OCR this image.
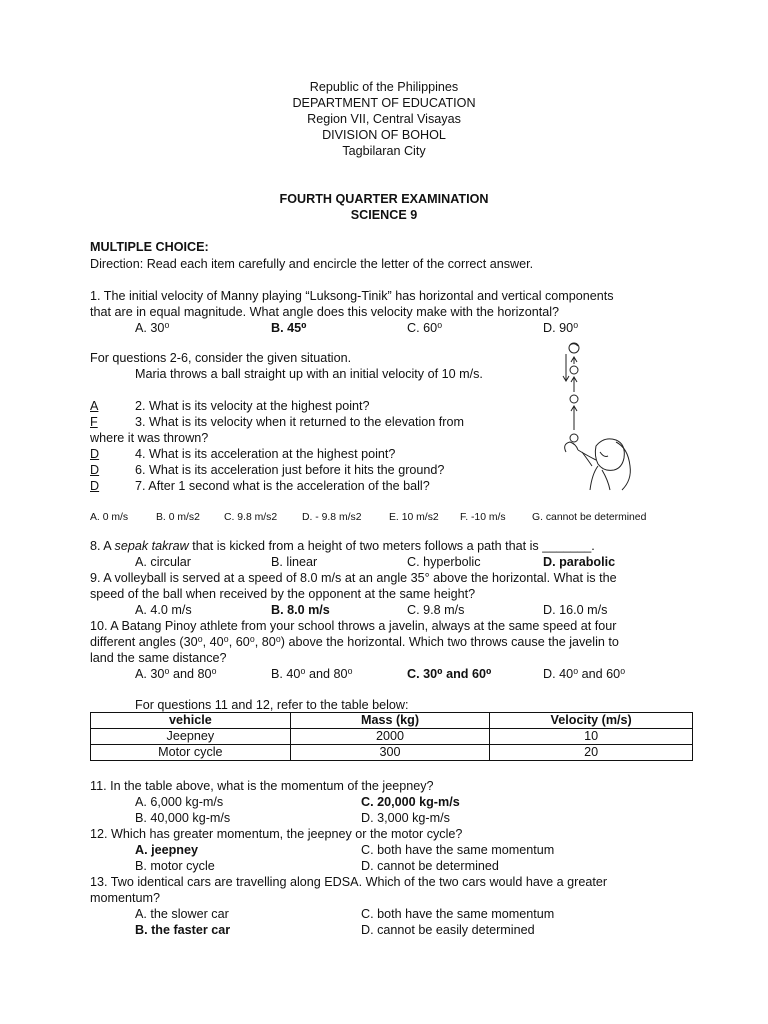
Republic of the Philippines
DEPARTMENT OF EDUCATION
Region VII, Central Visayas
DIVISION OF BOHOL
Tagbilaran City
FOURTH QUARTER EXAMINATION
SCIENCE 9
MULTIPLE CHOICE:
Direction: Read each item carefully and encircle the letter of the correct answer.
1. The initial velocity of Manny playing “Luksong-Tinik” has horizontal and vertical components
that are in equal magnitude. What angle does this velocity make with the horizontal?
A. 30⁰	B. 45⁰	C. 60⁰	D. 90⁰
For questions 2-6, consider the given situation.
Maria throws a ball straight up with an initial velocity of 10 m/s.
A	2. What is its velocity at the highest point?
F	3. What is its velocity when it returned to the elevation from
where it was thrown?
D	4. What is its acceleration at the highest point?
D	6. What is its acceleration just before it hits the ground?
D	7. After 1 second what is the acceleration of the ball?
A. 0 m/s	B. 0 m/s2 C. 9.8 m/s2 D. - 9.8 m/s2	E. 10 m/s2 F. -10 m/s	G. cannot be determined
8. A sepak takraw that is kicked from a height of two meters follows a path that is _______.
A. circular	B. linear	C. hyperbolic	D. parabolic
9. A volleyball is served at a speed of 8.0 m/s at an angle 35° above the horizontal. What is the
speed of the ball when received by the opponent at the same height?
A. 4.0 m/s	B. 8.0 m/s	C. 9.8 m/s	D. 16.0 m/s
10. A Batang Pinoy athlete from your school throws a javelin, always at the same speed at four
different angles (30⁰, 40⁰, 60⁰, 80⁰) above the horizontal. Which two throws cause the javelin to
land the same distance?
A. 30⁰ and 80⁰	B. 40⁰ and 80⁰	C. 30⁰ and 60⁰	D. 40⁰ and 60⁰
For questions 11 and 12, refer to the table below:
vehicle	Mass (kg)	Velocity (m/s)
Jeepney	2000	10
Motor cycle	300	20
11. In the table above, what is the momentum of the jeepney?
A. 6,000 kg-m/s	C. 20,000 kg-m/s
B. 40,000 kg-m/s	D. 3,000 kg-m/s
12. Which has greater momentum, the jeepney or the motor cycle?
A. jeepney	C. both have the same momentum
B. motor cycle	D. cannot be determined
13. Two identical cars are travelling along EDSA. Which of the two cars would have a greater
momentum?
A. the slower car	C. both have the same momentum
B. the faster car	D. cannot be easily determined
